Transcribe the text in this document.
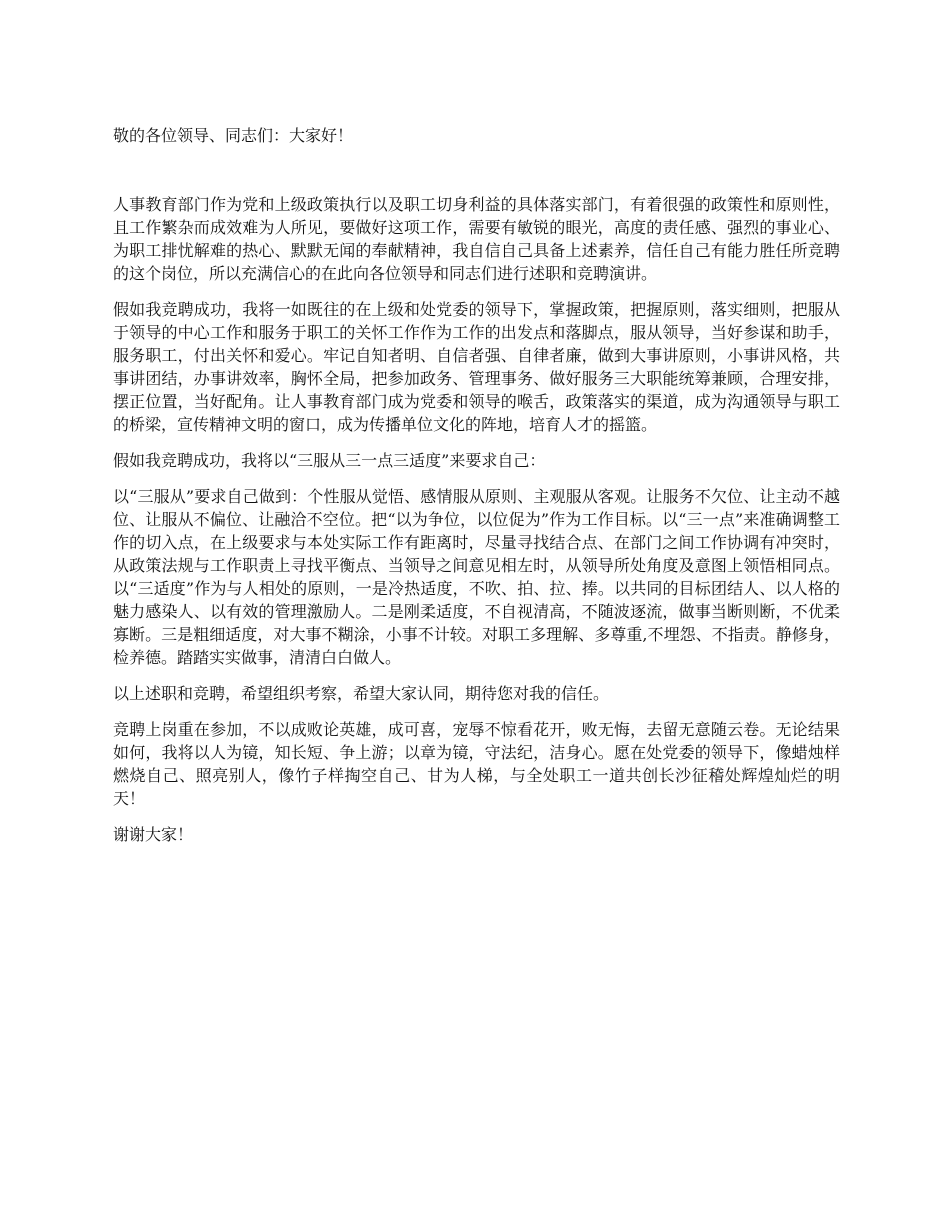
敬的各位领导、同志们：大家好！

人事教育部门作为党和上级政策执行以及职工切身利益的具体落实部门，有着很强的政策性和原则性，且工作繁杂而成效难为人所见，要做好这项工作，需要有敏锐的眼光，高度的责任感、强烈的事业心、为职工排忧解难的热心、默默无闻的奉献精神，我自信自己具备上述素养，信任自己有能力胜任所竞聘的这个岗位，所以充满信心的在此向各位领导和同志们进行述职和竞聘演讲。

假如我竞聘成功，我将一如既往的在上级和处党委的领导下，掌握政策，把握原则，落实细则，把服从于领导的中心工作和服务于职工的关怀工作作为工作的出发点和落脚点，服从领导，当好参谋和助手，服务职工，付出关怀和爱心。牢记自知者明、自信者强、自律者廉，做到大事讲原则，小事讲风格，共事讲团结，办事讲效率，胸怀全局，把参加政务、管理事务、做好服务三大职能统筹兼顾，合理安排，摆正位置，当好配角。让人事教育部门成为党委和领导的喉舌，政策落实的渠道，成为沟通领导与职工的桥梁，宣传精神文明的窗口，成为传播单位文化的阵地，培育人才的摇篮。

假如我竞聘成功，我将以“三服从三一点三适度”来要求自己：

以“三服从”要求自己做到：个性服从觉悟、感情服从原则、主观服从客观。让服务不欠位、让主动不越位、让服从不偏位、让融洽不空位。把“以为争位，以位促为”作为工作目标。以“三一点”来准确调整工作的切入点，在上级要求与本处实际工作有距离时，尽量寻找结合点、在部门之间工作协调有冲突时，从政策法规与工作职责上寻找平衡点、当领导之间意见相左时，从领导所处角度及意图上领悟相同点。以“三适度”作为与人相处的原则，一是冷热适度，不吹、拍、拉、捧。以共同的目标团结人、以人格的魅力感染人、以有效的管理激励人。二是刚柔适度，不自视清高，不随波逐流，做事当断则断，不优柔寡断。三是粗细适度，对大事不糊涂，小事不计较。对职工多理解、多尊重,不埋怨、不指责。静修身，检养德。踏踏实实做事，清清白白做人。

以上述职和竞聘，希望组织考察，希望大家认同，期待您对我的信任。

竞聘上岗重在参加，不以成败论英雄，成可喜，宠辱不惊看花开，败无悔，去留无意随云卷。无论结果如何，我将以人为镜，知长短、争上游；以章为镜，守法纪，洁身心。愿在处党委的领导下，像蜡烛样燃烧自己、照亮别人，像竹子样掏空自己、甘为人梯，与全处职工一道共创长沙征稽处辉煌灿烂的明天！

谢谢大家！
